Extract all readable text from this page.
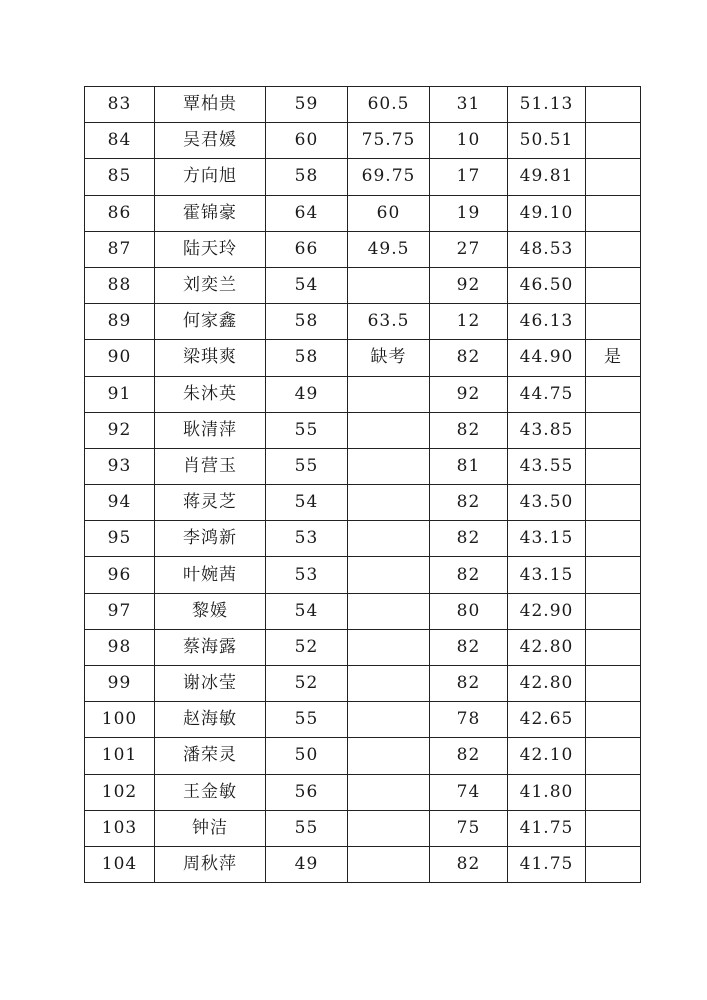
83	覃柏贵	59	60.5	31	51.13	
84	吴君媛	60	75.75	10	50.51	
85	方向旭	58	69.75	17	49.81	
86	霍锦豪	64	60	19	49.10	
87	陆天玲	66	49.5	27	48.53	
88	刘奕兰	54		92	46.50	
89	何家鑫	58	63.5	12	46.13	
90	梁琪爽	58	缺考	82	44.90	是
91	朱沐英	49		92	44.75	
92	耿清萍	55		82	43.85	
93	肖营玉	55		81	43.55	
94	蒋灵芝	54		82	43.50	
95	李鸿新	53		82	43.15	
96	叶婉茜	53		82	43.15	
97	黎媛	54		80	42.90	
98	蔡海露	52		82	42.80	
99	谢冰莹	52		82	42.80	
100	赵海敏	55		78	42.65	
101	潘荣灵	50		82	42.10	
102	王金敏	56		74	41.80	
103	钟洁	55		75	41.75	
104	周秋萍	49		82	41.75	
